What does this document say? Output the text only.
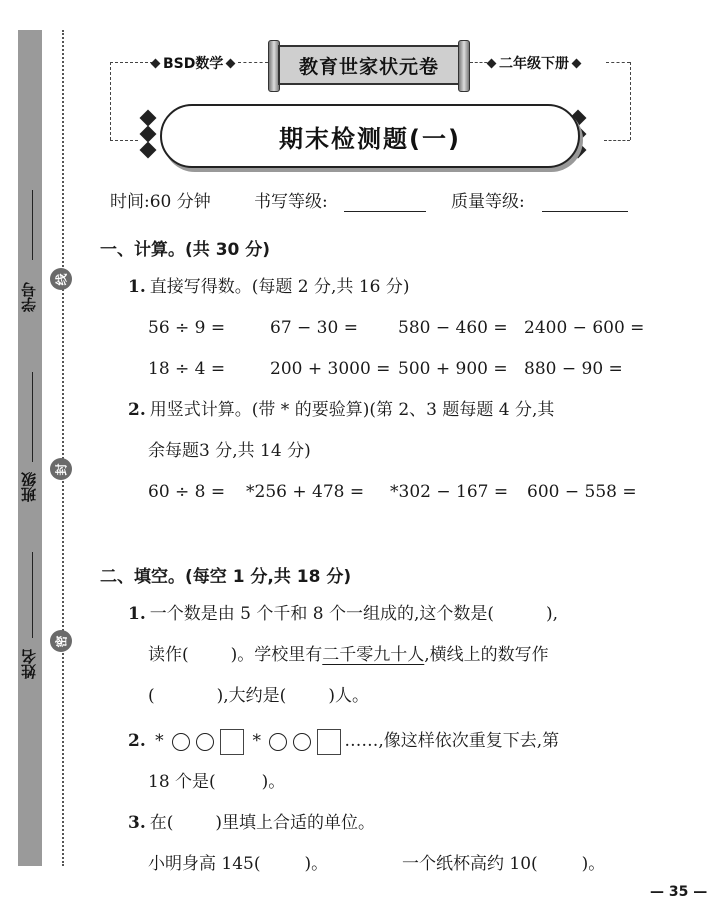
学号
班级
姓名
线
封
密
BSD数学	教育世家状元卷	二年级下册
期末检测题(一)
时间:60 分钟	书写等级:	质量等级:
一、计算。(共 30 分)
1. 直接写得数。(每题 2 分,共 16 分)
56 ÷ 9 =	67 − 30 = 580 − 460 = 2400 − 600 =
18 ÷ 4 =	200 + 3000 = 500 + 900 = 880 − 90 =
2. 用竖式计算。(带 * 的要验算)(第 2、3 题每题 4 分,其
余每题3 分,共 14 分)
60 ÷ 8 = *256 + 478 = *302 − 167 = 600 − 558 =
二、填空。(每空 1 分,共 18 分)
1. 一个数是由 5 个千和 8 个一组成的,这个数是(	),
读作( )。学校里有二千零九十人,横线上的数写作
(	),大约是( )人。
2. *	*	……,像这样依次重复下去,第
18 个是(	)。
3. 在( )里填上合适的单位。
小明身高 145(	)。	一个纸杯高约 10(	)。
— 35 —
